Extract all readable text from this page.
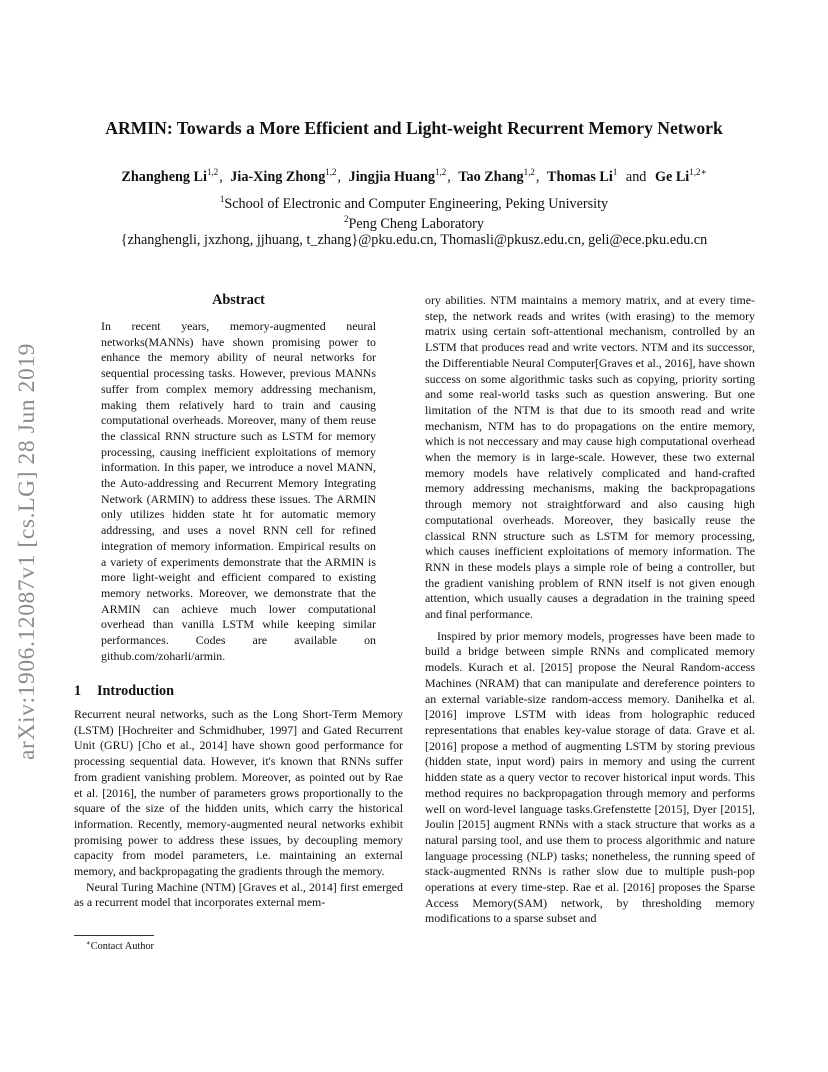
arXiv:1906.12087v1 [cs.LG] 28 Jun 2019
ARMIN: Towards a More Efficient and Light-weight Recurrent Memory Network
Zhangheng Li$^{1,2}$, Jia-Xing Zhong$^{1,2}$, Jingjia Huang$^{1,2}$, Tao Zhang$^{1,2}$, Thomas Li$^1$ and Ge $Li^{1,2∗}$
$^1$School of Electronic and Computer Engineering, Peking University
$^2$Peng Cheng Laboratory
{zhanghengli, jxzhong, jjhuang, t_zhang}@pku.edu.cn, Thomasli@pkusz.edu.cn, geli@ece.pku.edu.cn
Abstract

In recent years, memory-augmented neural networks(MANNs) have shown promising power to enhance the memory ability of neural networks for sequential processing tasks. However, previous MANNs suffer from complex memory addressing mechanism, making them relatively hard to train and causing computational overheads. Moreover, many of them reuse the classical RNN structure such as LSTM for memory processing, causing inefficient exploitations of memory information. In this paper, we introduce a novel MANN, the Auto-addressing and Recurrent Memory Integrating Network (ARMIN) to address these issues. The ARMIN only utilizes hidden state ht for automatic memory addressing, and uses a novel RNN cell for refined integration of memory information. Empirical results on a variety of experiments demonstrate that the ARMIN is more light-weight and efficient compared to existing memory networks. Moreover, we demonstrate that the ARMIN can achieve much lower computational overhead than vanilla LSTM while keeping similar performances. Codes are available on github.com/zoharli/armin.

1 Introduction

Recurrent neural networks, such as the Long Short-Term Memory (LSTM) [Hochreiter and Schmidhuber, 1997] and Gated Recurrent Unit (GRU) [Cho et al., 2014] have shown good performance for processing sequential data. However, it's known that RNNs suffer from gradient vanishing problem. Moreover, as pointed out by Rae et al. [2016], the number of parameters grows proportionally to the square of the size of the hidden units, which carry the historical information. Recently, memory-augmented neural networks exhibit promising power to address these issues, by decoupling memory capacity from model parameters, i.e. maintaining an external memory, and backpropagating the gradients through the memory.

Neural Turing Machine (NTM) [Graves et al., 2014] first emerged as a recurrent model that incorporates external mem-

∗Contact Author

ory abilities. NTM maintains a memory matrix, and at every time-step, the network reads and writes (with erasing) to the memory matrix using certain soft-attentional mechanism, controlled by an LSTM that produces read and write vectors. NTM and its successor, the Differentiable Neural Computer[Graves et al., 2016], have shown success on some algorithmic tasks such as copying, priority sorting and some real-world tasks such as question answering. But one limitation of the NTM is that due to its smooth read and write mechanism, NTM has to do propagations on the entire memory, which is not neccessary and may cause high computational overhead when the memory is in large-scale. However, these two external memory models have relatively complicated and hand-crafted memory addressing mechanisms, making the backpropagations through memory not straightforward and also causing high computational overheads. Moreover, they basically reuse the classical RNN structure such as LSTM for memory processing, which causes inefficient exploitations of memory information. The RNN in these models plays a simple role of being a controller, but the gradient vanishing problem of RNN itself is not given enough attention, which usually causes a degradation in the training speed and final performance.

Inspired by prior memory models, progresses have been made to build a bridge between simple RNNs and complicated memory models. Kurach et al. [2015] propose the Neural Random-access Machines (NRAM) that can manipulate and dereference pointers to an external variable-size random-access memory. Danihelka et al. [2016] improve LSTM with ideas from holographic reduced representations that enables key-value storage of data. Grave et al. [2016] propose a method of augmenting LSTM by storing previous (hidden state, input word) pairs in memory and using the current hidden state as a query vector to recover historical input words. This method requires no backpropagation through memory and performs well on word-level language tasks.Grefenstette [2015], Dyer [2015], Joulin [2015] augment RNNs with a stack structure that works as a natural parsing tool, and use them to process algorithmic and nature language processing (NLP) tasks; nonetheless, the running speed of stack-augmented RNNs is rather slow due to multiple push-pop operations at every time-step. Rae et al. [2016] proposes the Sparse Access Memory(SAM) network, by thresholding memory modifications to a sparse subset and
